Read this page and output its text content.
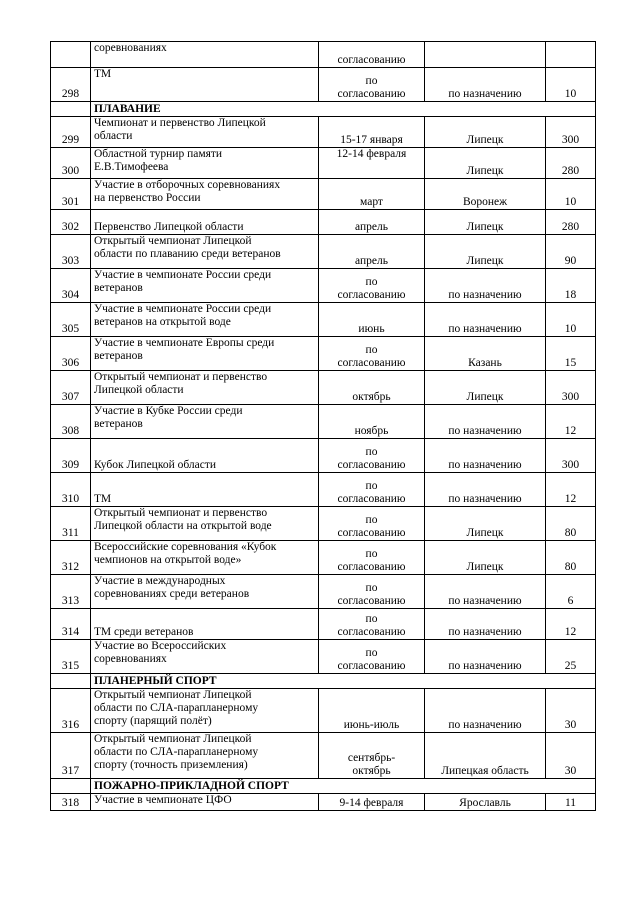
	соревнованиях	согласованию		
298	ТМ	по
согласованию	по назначению	10
	ПЛАВАНИЕ			
299	Чемпионат и первенство Липецкой
области	15-17 января	Липецк	300
300	Областной турнир памяти
Е.В.Тимофеева	12-14 февраля	Липецк	280
301	Участие в отборочных соревнованиях
на первенство России	март	Воронеж	10
302	Первенство Липецкой области	апрель	Липецк	280
303	Открытый чемпионат Липецкой
области по плаванию среди ветеранов	апрель	Липецк	90
304	Участие в чемпионате России среди
ветеранов	по
согласованию	по назначению	18
305	Участие в чемпионате России среди
ветеранов на открытой воде	июнь	по назначению	10
306	Участие в чемпионате Европы среди
ветеранов	по
согласованию	Казань	15
307	Открытый чемпионат и первенство
Липецкой области	октябрь	Липецк	300
308	Участие в Кубке России среди
ветеранов	ноябрь	по назначению	12
309	Кубок Липецкой области	по
согласованию	по назначению	300
310	ТМ	по
согласованию	по назначению	12
311	Открытый чемпионат и первенство
Липецкой области на открытой воде	по
согласованию	Липецк	80
312	Всероссийские соревнования «Кубок
чемпионов на открытой воде»	по
согласованию	Липецк	80
313	Участие в международных
соревнованиях среди ветеранов	по
согласованию	по назначению	6
314	ТМ среди ветеранов	по
согласованию	по назначению	12
315	Участие во Всероссийских
соревнованиях	по
согласованию	по назначению	25
	ПЛАНЕРНЫЙ СПОРТ			
316	Открытый чемпионат Липецкой
области по СЛА-парапланерному
спорту (парящий полёт)	июнь-июль	по назначению	30
317	Открытый чемпионат Липецкой
области по СЛА-парапланерному
спорту (точность приземления)	сентябрь-
октябрь	Липецкая область	30
	ПОЖАРНО-ПРИКЛАДНОЙ СПОРТ			
318	Участие в чемпионате ЦФО	9-14 февраля	Ярославль	11
